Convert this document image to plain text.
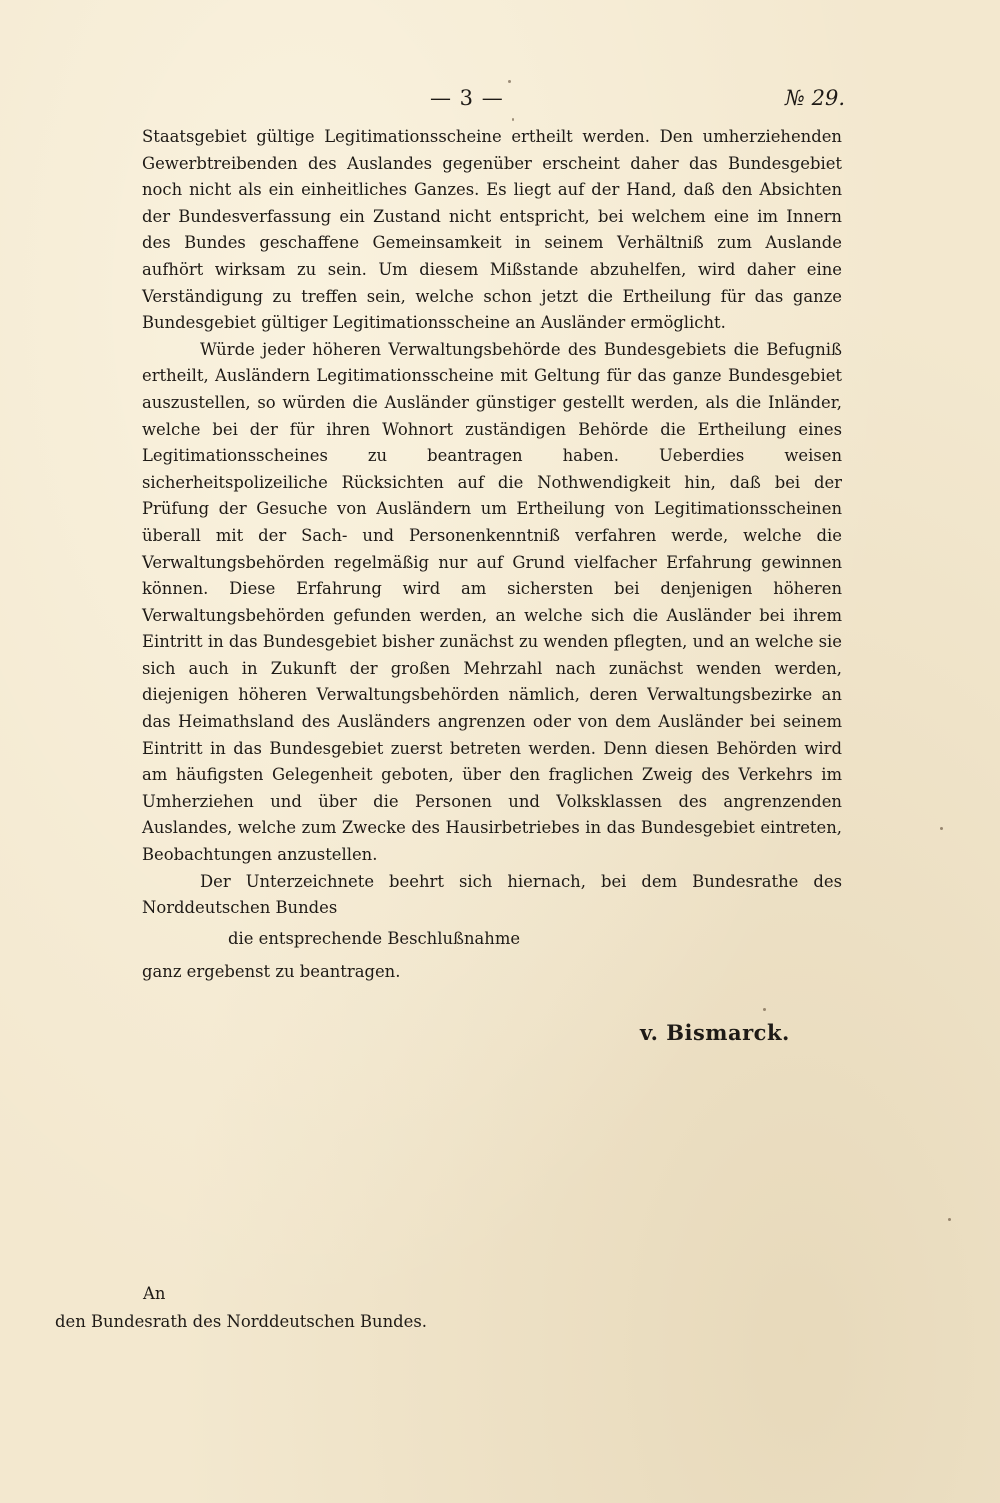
— 3 —	№ 29.

Staatsgebiet gültige Legitimationsscheine ertheilt werden. Den umherziehenden Gewerbtreibenden des Auslandes gegenüber erscheint daher das Bundesgebiet noch nicht als ein einheitliches Ganzes. Es liegt auf der Hand, daß den Absichten der Bundesverfassung ein Zustand nicht entspricht, bei welchem eine im Innern des Bundes geschaffene Gemeinsamkeit in seinem Verhältniß zum Auslande aufhört wirksam zu sein. Um diesem Mißstande abzuhelfen, wird daher eine Verständigung zu treffen sein, welche schon jetzt die Ertheilung für das ganze Bundesgebiet gültiger Legitimationsscheine an Ausländer ermöglicht.

Würde jeder höheren Verwaltungsbehörde des Bundesgebiets die Befugniß ertheilt, Ausländern Legitimationsscheine mit Geltung für das ganze Bundesgebiet auszustellen, so würden die Ausländer günstiger gestellt werden, als die Inländer, welche bei der für ihren Wohnort zuständigen Behörde die Ertheilung eines Legitimationsscheines zu beantragen haben. Ueberdies weisen sicherheitspolizeiliche Rücksichten auf die Nothwendigkeit hin, daß bei der Prüfung der Gesuche von Ausländern um Ertheilung von Legitimationsscheinen überall mit der Sach- und Personenkenntniß verfahren werde, welche die Verwaltungsbehörden regelmäßig nur auf Grund vielfacher Erfahrung gewinnen können. Diese Erfahrung wird am sichersten bei denjenigen höheren Verwaltungsbehörden gefunden werden, an welche sich die Ausländer bei ihrem Eintritt in das Bundesgebiet bisher zunächst zu wenden pflegten, und an welche sie sich auch in Zukunft der großen Mehrzahl nach zunächst wenden werden, diejenigen höheren Verwaltungsbehörden nämlich, deren Verwaltungsbezirke an das Heimathsland des Ausländers angrenzen oder von dem Ausländer bei seinem Eintritt in das Bundesgebiet zuerst betreten werden. Denn diesen Behörden wird am häufigsten Gelegenheit geboten, über den fraglichen Zweig des Verkehrs im Umherziehen und über die Personen und Volksklassen des angrenzenden Auslandes, welche zum Zwecke des Hausirbetriebes in das Bundesgebiet eintreten, Beobachtungen anzustellen.

Der Unterzeichnete beehrt sich hiernach, bei dem Bundesrathe des Norddeutschen Bundes

die entsprechende Beschlußnahme
ganz ergebenst zu beantragen.
v. Bismarck.
An
den Bundesrath des Norddeutschen Bundes.
